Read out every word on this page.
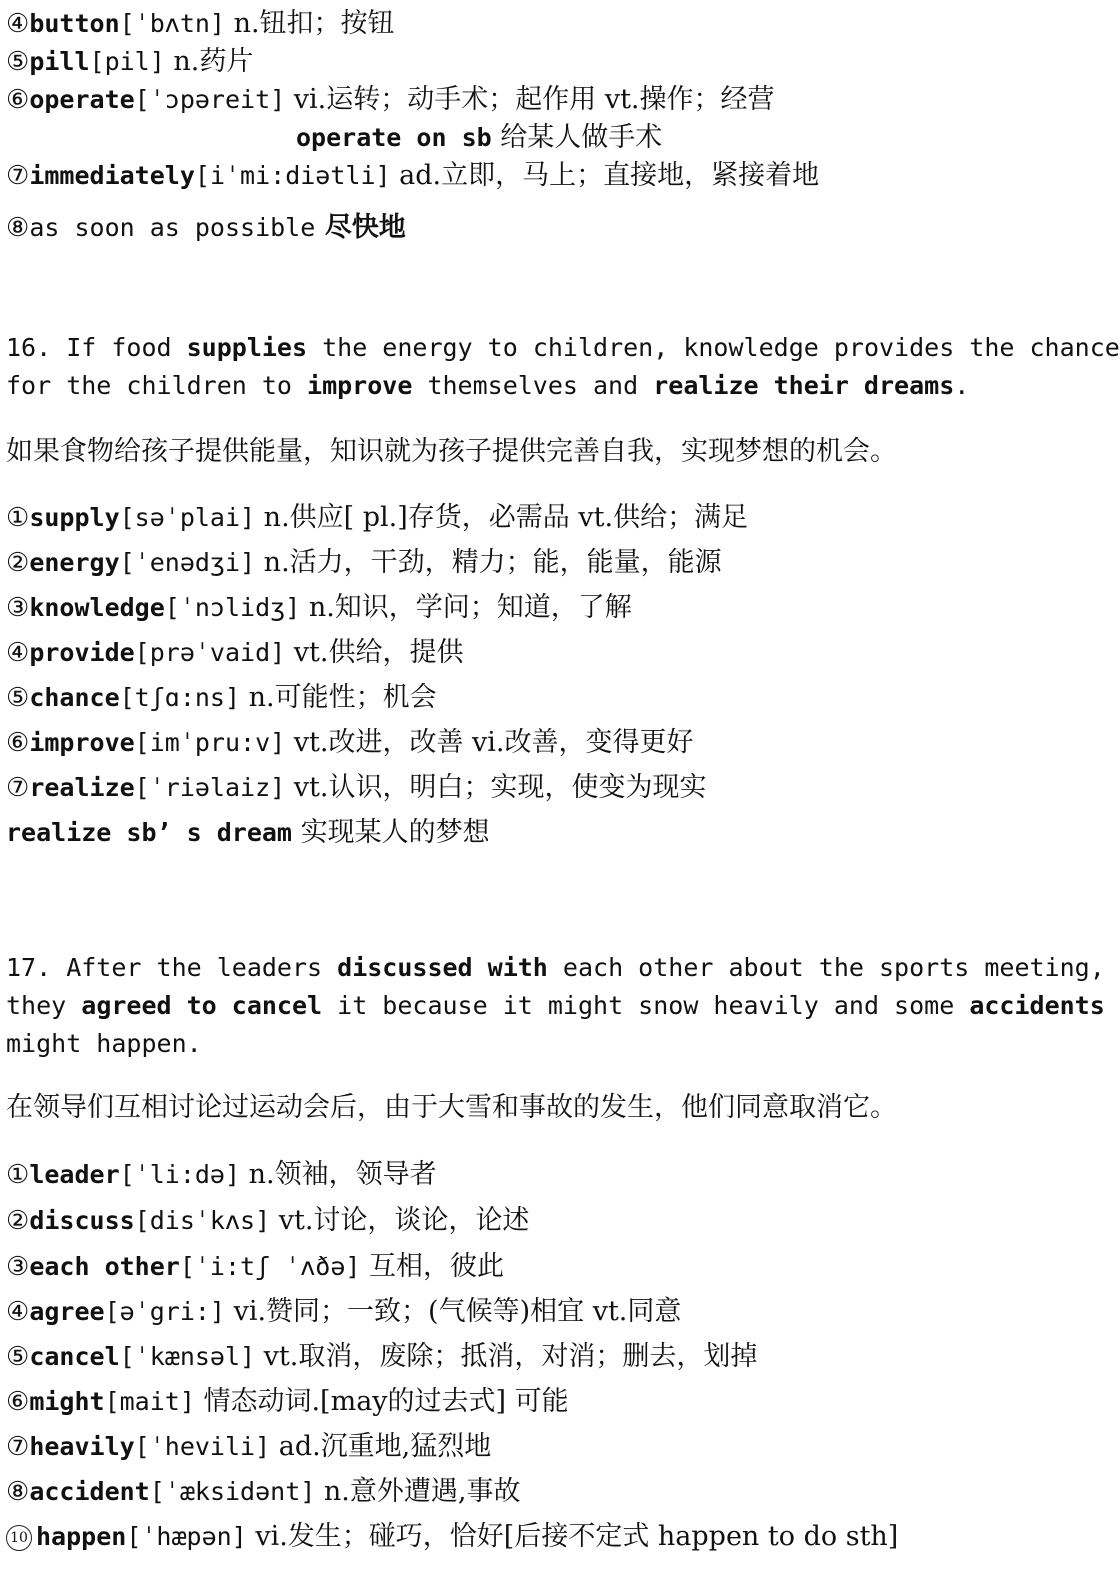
④button[ˈbʌtn] n.钮扣；按钮
⑤pill[pil] n.药片
⑥operate[ˈɔpəreit] vi.运转；动手术；起作用 vt.操作；经营
operate on sb 给某人做手术
⑦immediately[iˈmi:diətli] ad.立即，马上；直接地，紧接着地
⑧as soon as possible 尽快地
16. If food supplies the energy to children, knowledge provides the chance
for the children to improve themselves and realize their dreams.
如果食物给孩子提供能量，知识就为孩子提供完善自我，实现梦想的机会。
①supply[səˈplai] n.供应[ pl.]存货，必需品 vt.供给；满足
②energy[ˈenədʒi] n.活力，干劲，精力；能，能量，能源
③knowledge[ˈnɔlidʒ] n.知识，学问；知道，了解
④provide[prəˈvaid] vt.供给，提供
⑤chance[tʃɑ:ns] n.可能性；机会
⑥improve[imˈpru:v] vt.改进，改善 vi.改善，变得更好
⑦realize[ˈriəlaiz] vt.认识，明白；实现，使变为现实
realize sb’ s dream 实现某人的梦想
17. After the leaders discussed with each other about the sports meeting,
they agreed to cancel it because it might snow heavily and some accidents
might happen.
在领导们互相讨论过运动会后，由于大雪和事故的发生，他们同意取消它。
①leader[ˈli:də] n.领袖，领导者
②discuss[disˈkʌs] vt.讨论，谈论，论述
③each other[ˈi:tʃ ˈʌðə] 互相，彼此
④agree[əˈgri:] vi.赞同；一致；(气候等)相宜 vt.同意
⑤cancel[ˈkænsəl] vt.取消，废除；抵消，对消；删去，划掉
⑥might[mait] 情态动词.[may的过去式] 可能
⑦heavily[ˈhevili] ad.沉重地,猛烈地
⑧accident[ˈæksidənt] n.意外遭遇,事故
10 happen[ˈhæpən] vi.发生；碰巧，恰好[后接不定式 happen to do sth]
